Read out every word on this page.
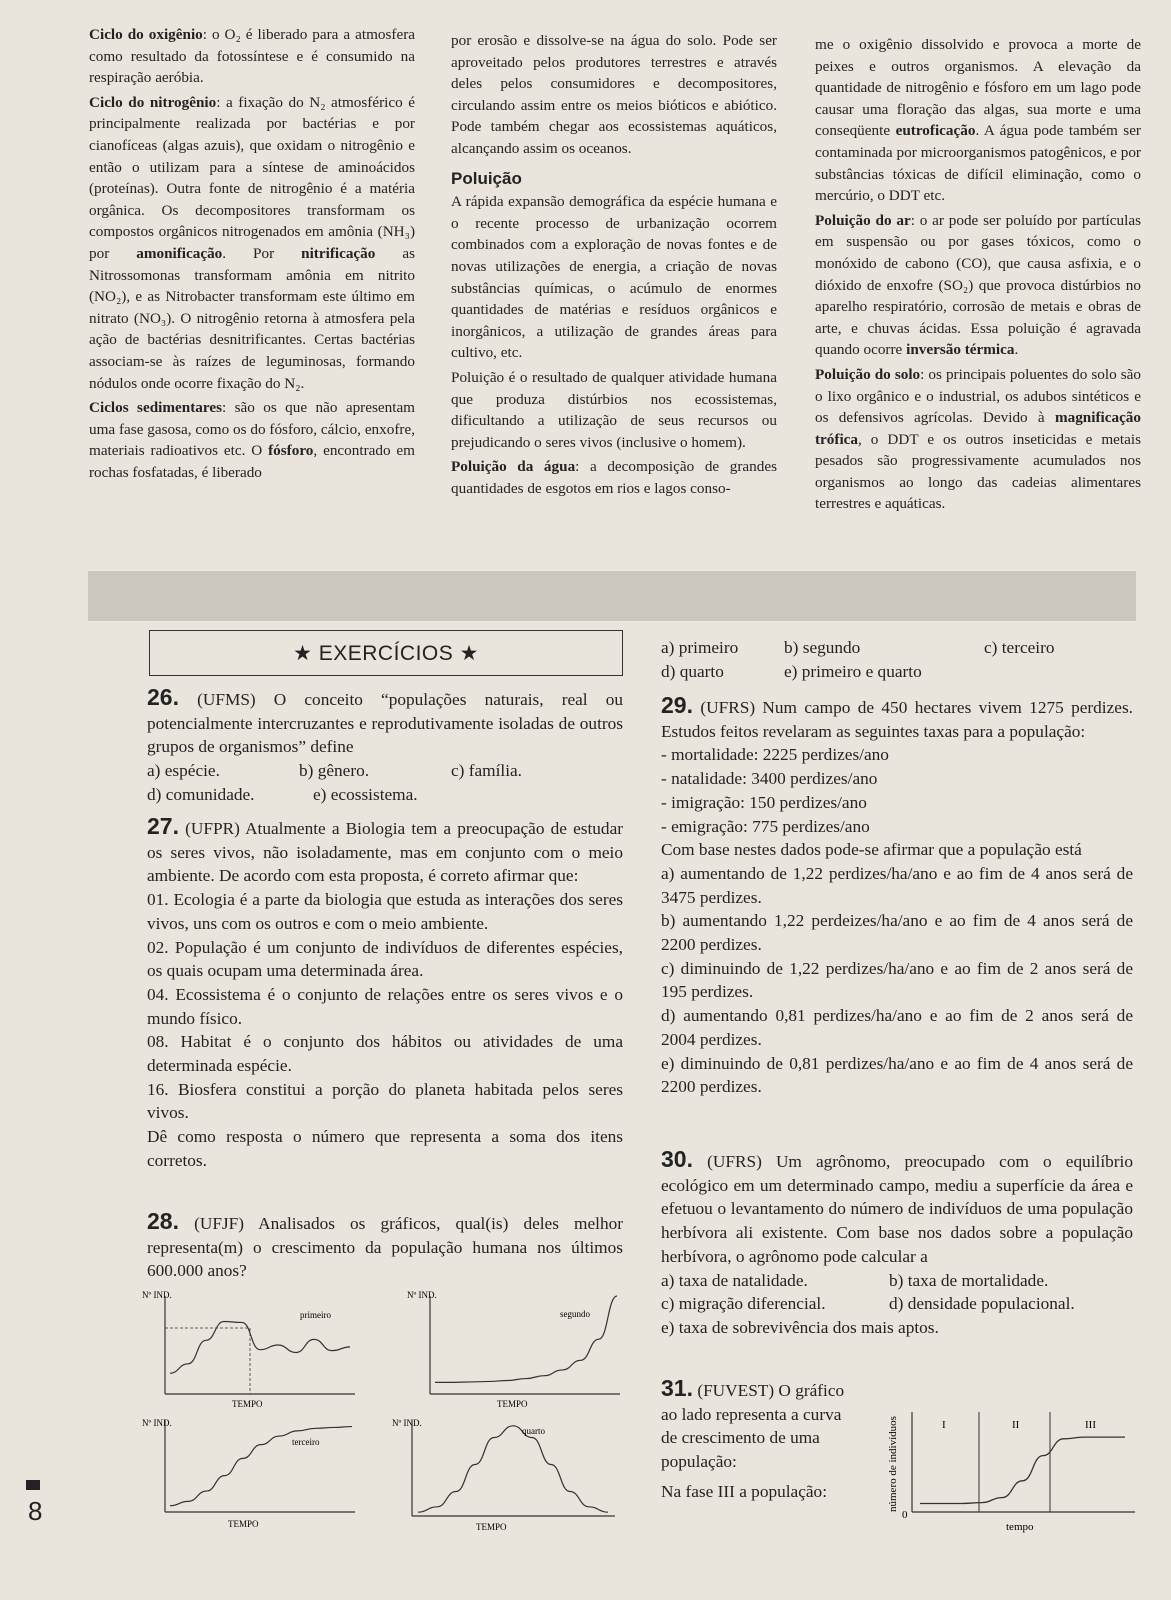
Ciclo do oxigênio: o O₂ é liberado para a atmosfera como resultado da fotossíntese e é consumido na respiração aeróbia.

Ciclo do nitrogênio: a fixação do N₂ atmosférico é principalmente realizada por bactérias e por cianofíceas (algas azuis), que oxidam o nitrogênio e então o utilizam para a síntese de aminoácidos (proteínas). Outra fonte de nitrogênio é a matéria orgânica. Os decompositores transformam os compostos orgânicos nitrogenados em amônia (NH₃) por amonificação. Por nitrificação as Nitrossomonas transformam amônia em nitrito (NO₂), e as Nitrobacter transformam este último em nitrato (NO₃). O nitrogênio retorna à atmosfera pela ação de bactérias desnitrificantes. Certas bactérias associam-se às raízes de leguminosas, formando nódulos onde ocorre fixação do N₂.

Ciclos sedimentares: são os que não apresentam uma fase gasosa, como os do fósforo, cálcio, enxofre, materiais radioativos etc. O fósforo, encontrado em rochas fosfatadas, é liberado

por erosão e dissolve-se na água do solo. Pode ser aproveitado pelos produtores terrestres e através deles pelos consumidores e decompositores, circulando assim entre os meios bióticos e abiótico. Pode também chegar aos ecossistemas aquáticos, alcançando assim os oceanos.

Poluição

A rápida expansão demográfica da espécie humana e o recente processo de urbanização ocorrem combinados com a exploração de novas fontes e de novas utilizações de energia, a criação de novas substâncias químicas, o acúmulo de enormes quantidades de matérias e resíduos orgânicos e inorgânicos, a utilização de grandes áreas para cultivo, etc.

Poluição é o resultado de qualquer atividade humana que produza distúrbios nos ecossistemas, dificultando a utilização de seus recursos ou prejudicando o seres vivos (inclusive o homem).

Poluição da água: a decomposição de grandes quantidades de esgotos em rios e lagos conso-

me o oxigênio dissolvido e provoca a morte de peixes e outros organismos. A elevação da quantidade de nitrogênio e fósforo em um lago pode causar uma floração das algas, sua morte e uma conseqüente eutroficação. A água pode também ser contaminada por microorganismos patogênicos, e por substâncias tóxicas de difícil eliminação, como o mercúrio, o DDT etc.

Poluição do ar: o ar pode ser poluído por partículas em suspensão ou por gases tóxicos, como o monóxido de cabono (CO), que causa asfixia, e o dióxido de enxofre (SO₂) que provoca distúrbios no aparelho respiratório, corrosão de metais e obras de arte, e chuvas ácidas. Essa poluição é agravada quando ocorre inversão térmica.

Poluição do solo: os principais poluentes do solo são o lixo orgânico e o industrial, os adubos sintéticos e os defensivos agrícolas. Devido à magnificação trófica, o DDT e os outros inseticidas e metais pesados são progressivamente acumulados nos organismos ao longo das cadeias alimentares terrestres e aquáticas.

★ EXERCÍCIOS ★

26. (UFMS) O conceito “populações naturais, real ou potencialmente intercruzantes e reprodutivamente isoladas de outros grupos de organismos” define

a) espécie.	b) gênero.	c) família.
d) comunidade.	e) ecossistema.

27. (UFPR) Atualmente a Biologia tem a preocupação de estudar os seres vivos, não isoladamente, mas em conjunto com o meio ambiente. De acordo com esta proposta, é correto afirmar que:

01. Ecologia é a parte da biologia que estuda as interações dos seres vivos, uns com os outros e com o meio ambiente.

02. População é um conjunto de indivíduos de diferentes espécies, os quais ocupam uma determinada área.

04. Ecossistema é o conjunto de relações entre os seres vivos e o mundo físico.

08. Habitat é o conjunto dos hábitos ou atividades de uma determinada espécie.

16. Biosfera constitui a porção do planeta habitada pelos seres vivos.

Dê como resposta o número que representa a soma dos itens corretos.

28. (UFJF) Analisados os gráficos, qual(is) deles melhor representa(m) o crescimento da população humana nos últimos 600.000 anos?

Nº IND.
primeiro
TEMPO
Nº IND.
segundo
TEMPO
Nº IND.
terceiro
TEMPO
Nº IND.
quarto
TEMPO
a) primeiro	b) segundo	c) terceiro
d) quarto	e) primeiro e quarto

29. (UFRS) Num campo de 450 hectares vivem 1275 perdizes. Estudos feitos revelaram as seguintes taxas para a população:

- mortalidade: 2225 perdizes/ano
- natalidade: 3400 perdizes/ano
- imigração: 150 perdizes/ano
- emigração: 775 perdizes/ano

Com base nestes dados pode-se afirmar que a população está

a) aumentando de 1,22 perdizes/ha/ano e ao fim de 4 anos será de 3475 perdizes.

b) aumentando 1,22 perdeizes/ha/ano e ao fim de 4 anos será de 2200 perdizes.

c) diminuindo de 1,22 perdizes/ha/ano e ao fim de 2 anos será de 195 perdizes.

d) aumentando 0,81 perdizes/ha/ano e ao fim de 2 anos será de 2004 perdizes.

e) diminuindo de 0,81 perdizes/ha/ano e ao fim de 4 anos será de 2200 perdizes.

30. (UFRS) Um agrônomo, preocupado com o equilíbrio ecológico em um determinado campo, mediu a superfície da área e efetuou o levantamento do número de indivíduos de uma população herbívora ali existente. Com base nos dados sobre a população herbívora, o agrônomo pode calcular a

a) taxa de natalidade.	b) taxa de mortalidade.
c) migração diferencial.	d) densidade populacional.
e) taxa de sobrevivência dos mais aptos.

31. (FUVEST) O gráfico ao lado representa a curva de crescimento de uma população:

Na fase III a população:	número de indivíduos	I	II	III
0
tempo
8
